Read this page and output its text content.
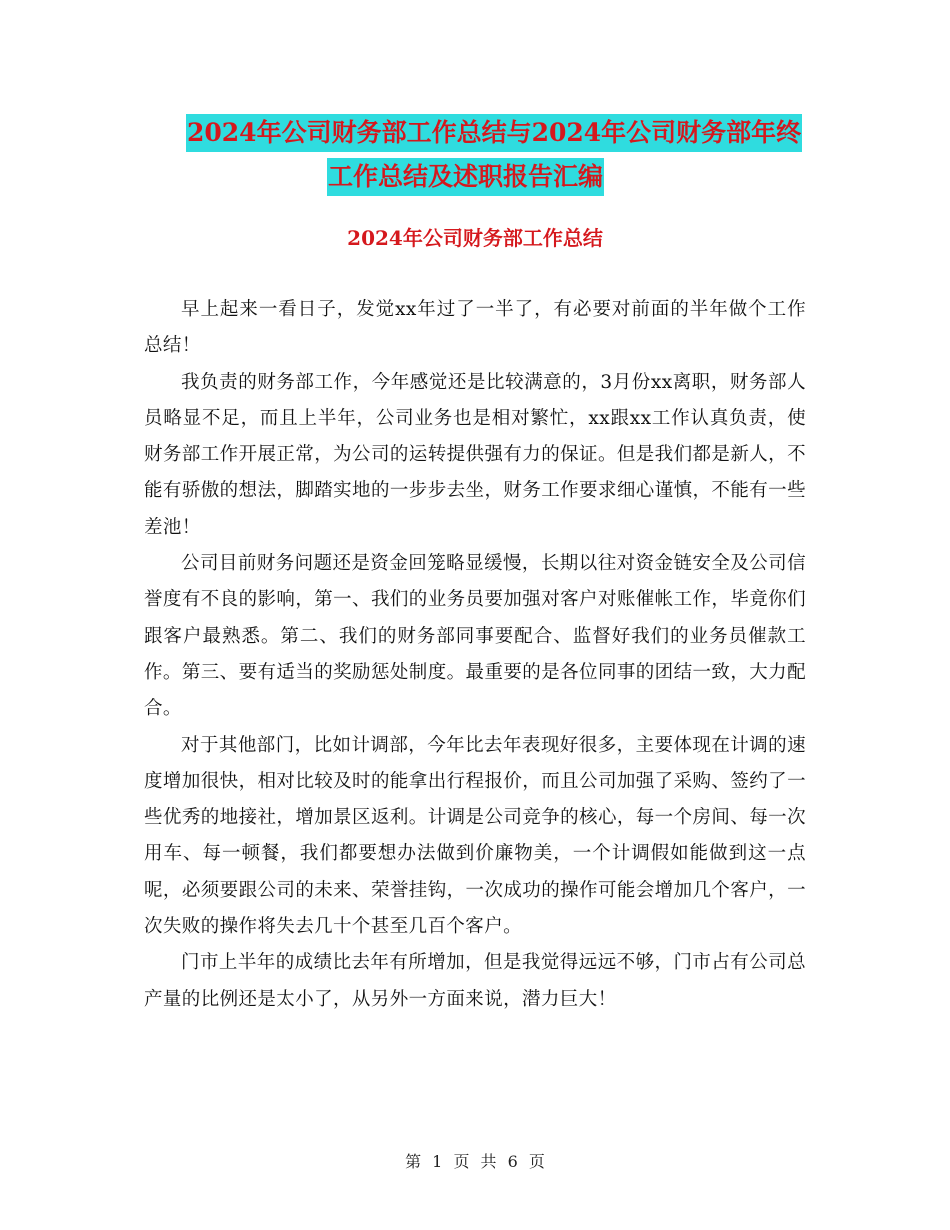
2024年公司财务部工作总结与2024年公司财务部年终
工作总结及述职报告汇编
2024年公司财务部工作总结

早上起来一看日子，发觉xx年过了一半了，有必要对前面的半年做个工作总结！

我负责的财务部工作，今年感觉还是比较满意的，3月份xx离职，财务部人员略显不足，而且上半年，公司业务也是相对繁忙，xx跟xx工作认真负责，使财务部工作开展正常，为公司的运转提供强有力的保证。但是我们都是新人，不能有骄傲的想法，脚踏实地的一步步去坐，财务工作要求细心谨慎，不能有一些差池！

公司目前财务问题还是资金回笼略显缓慢，长期以往对资金链安全及公司信誉度有不良的影响，第一、我们的业务员要加强对客户对账催帐工作，毕竟你们跟客户最熟悉。第二、我们的财务部同事要配合、监督好我们的业务员催款工作。第三、要有适当的奖励惩处制度。最重要的是各位同事的团结一致，大力配合。

对于其他部门，比如计调部，今年比去年表现好很多，主要体现在计调的速度增加很快，相对比较及时的能拿出行程报价，而且公司加强了采购、签约了一些优秀的地接社，增加景区返利。计调是公司竞争的核心，每一个房间、每一次用车、每一顿餐，我们都要想办法做到价廉物美，一个计调假如能做到这一点呢，必须要跟公司的未来、荣誉挂钩，一次成功的操作可能会增加几个客户，一次失败的操作将失去几十个甚至几百个客户。

门市上半年的成绩比去年有所增加，但是我觉得远远不够，门市占有公司总产量的比例还是太小了，从另外一方面来说，潜力巨大！

第 1 页 共 6 页
